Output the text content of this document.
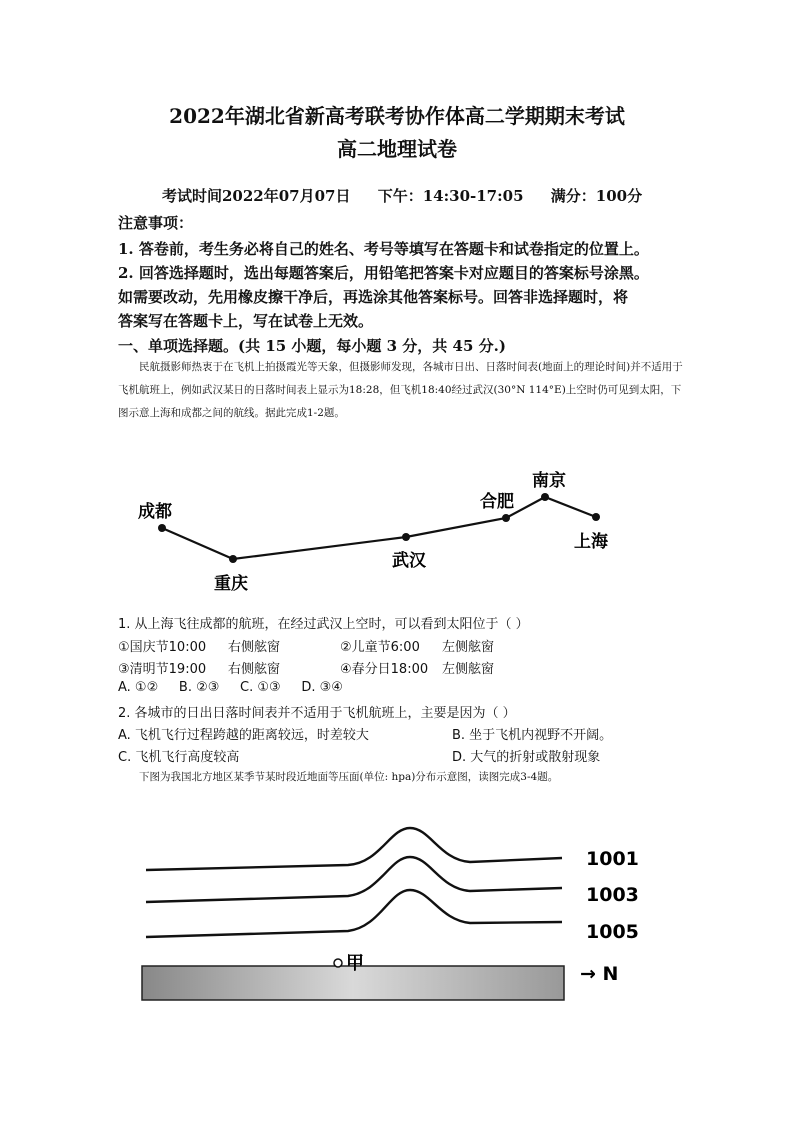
2022年湖北省新高考联考协作体高二学期期末考试
高二地理试卷
考试时间2022年07月07日 下午：14:30-17:05 满分：100分
注意事项：
1. 答卷前，考生务必将自己的姓名、考号等填写在答题卡和试卷指定的位置上。
2. 回答选择题时，选出每题答案后，用铅笔把答案卡对应题目的答案标号涂黑。
如需要改动，先用橡皮擦干净后，再选涂其他答案标号。回答非选择题时，将
答案写在答题卡上，写在试卷上无效。
一、单项选择题。(共 15 小题，每小题 3 分，共 45 分.)

民航摄影师热衷于在飞机上拍摄霞光等天象，但摄影师发现，各城市日出、日落时间表(地面上的理论时间)并不适用于飞机航班上，例如武汉某日的日落时间表上显示为18:28，但飞机18:40经过武汉(30°N 114°E)上空时仍可见到太阳，下图示意上海和成都之间的航线。据此完成1-2题。

成都
重庆
武汉
合肥
南京
上海
1. 从上海飞往成都的航班，在经过武汉上空时，可以看到太阳位于（ ）
①国庆节10:00 右侧舷窗	②儿童节6:00 左侧舷窗
③清明节19:00 右侧舷窗	④春分日18:00 左侧舷窗
A. ①②     B. ②③     C. ①③     D. ③④
2. 各城市的日出日落时间表并不适用于飞机航班上，主要是因为（ ）
A. 飞机飞行过程跨越的距离较远，时差较大	B. 坐于飞机内视野不开阔。
C. 飞机飞行高度较高	D. 大气的折射或散射现象

下图为我国北方地区某季节某时段近地面等压面(单位: hpa)分布示意图，读图完成3-4题。

1001
1003
1005
甲	→ N
